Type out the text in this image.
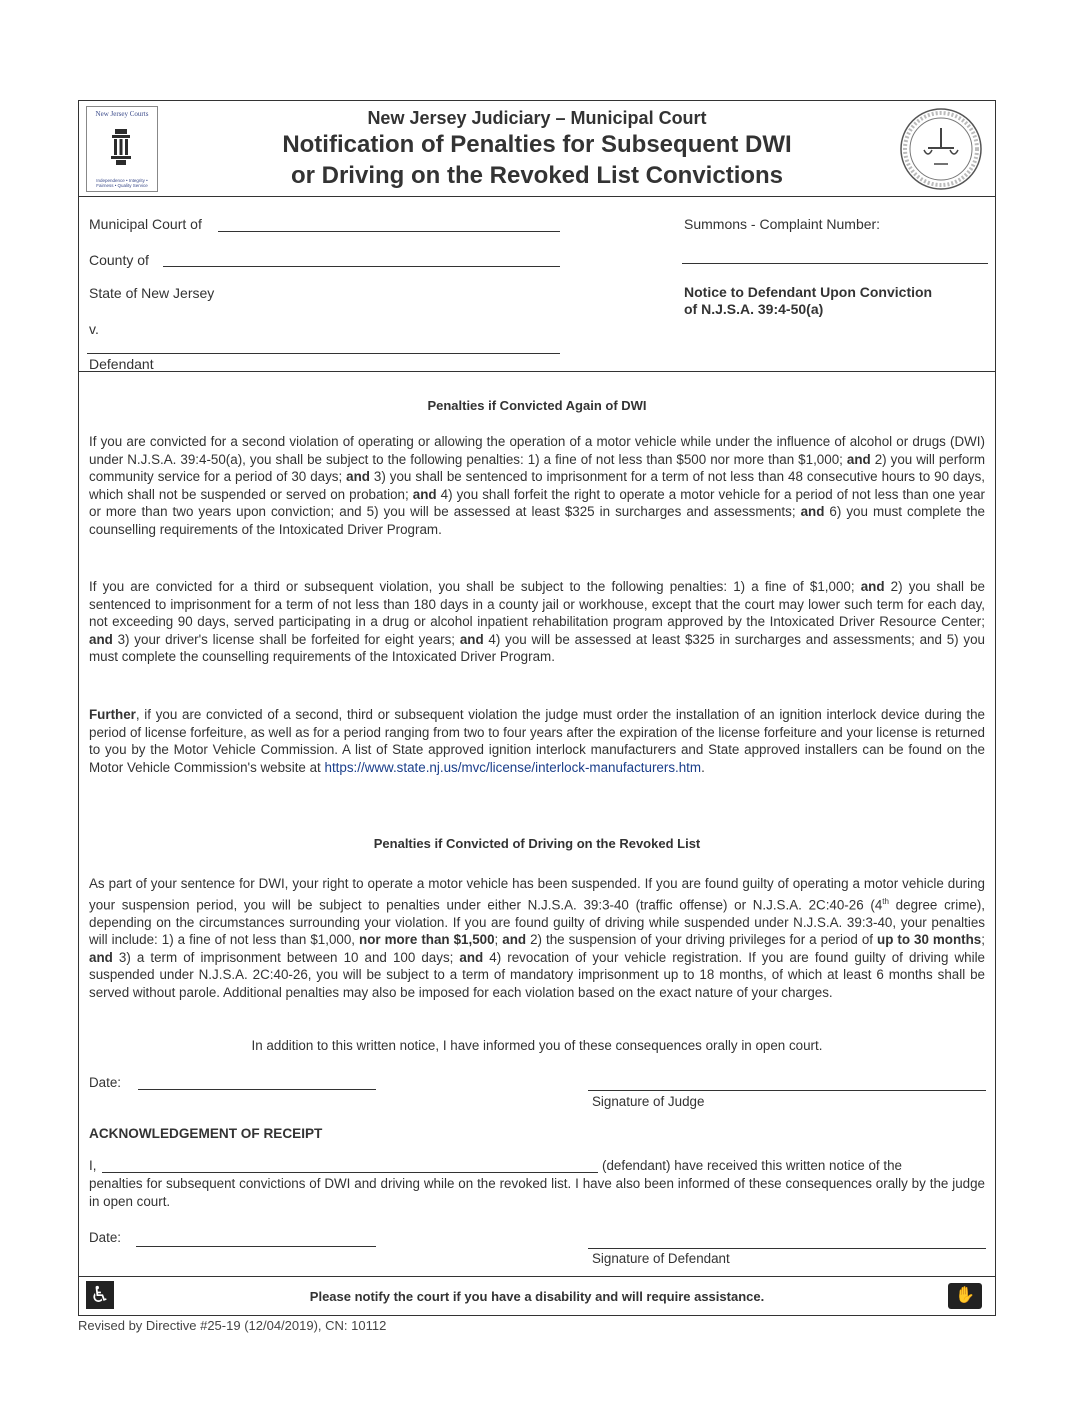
New Jersey Courts
Independence • Integrity • Fairness • Quality Service
New Jersey Judiciary – Municipal Court
Notification of Penalties for Subsequent DWI
or Driving on the Revoked List Convictions
Municipal Court of
County of
State of New Jersey
v.
Defendant
Summons - Complaint Number:
Notice to Defendant Upon Conviction
of N.J.S.A. 39:4-50(a)
Penalties if Convicted Again of DWI
If you are convicted for a second violation of operating or allowing the operation of a motor vehicle while under the influence of alcohol or drugs (DWI) under N.J.S.A. 39:4-50(a), you shall be subject to the following penalties: 1) a fine of not less than $500 nor more than $1,000; and 2) you will perform community service for a period of 30 days; and 3) you shall be sentenced to imprisonment for a term of not less than 48 consecutive hours to 90 days, which shall not be suspended or served on probation; and 4) you shall forfeit the right to operate a motor vehicle for a period of not less than one year or more than two years upon conviction; and 5) you will be assessed at least $325 in surcharges and assessments; and 6) you must complete the counselling requirements of the Intoxicated Driver Program.
If you are convicted for a third or subsequent violation, you shall be subject to the following penalties: 1) a fine of $1,000; and 2) you shall be sentenced to imprisonment for a term of not less than 180 days in a county jail or workhouse, except that the court may lower such term for each day, not exceeding 90 days, served participating in a drug or alcohol inpatient rehabilitation program approved by the Intoxicated Driver Resource Center; and 3) your driver's license shall be forfeited for eight years; and 4) you will be assessed at least $325 in surcharges and assessments; and 5) you must complete the counselling requirements of the Intoxicated Driver Program.
Further, if you are convicted of a second, third or subsequent violation the judge must order the installation of an ignition interlock device during the period of license forfeiture, as well as for a period ranging from two to four years after the expiration of the license forfeiture and your license is returned to you by the Motor Vehicle Commission. A list of State approved ignition interlock manufacturers and State approved installers can be found on the Motor Vehicle Commission's website at https://www.state.nj.us/mvc/license/interlock-manufacturers.htm.
Penalties if Convicted of Driving on the Revoked List
As part of your sentence for DWI, your right to operate a motor vehicle has been suspended. If you are found guilty of operating a motor vehicle during your suspension period, you will be subject to penalties under either N.J.S.A. 39:3-40 (traffic offense) or N.J.S.A. 2C:40-26 (4th degree crime), depending on the circumstances surrounding your violation. If you are found guilty of driving while suspended under N.J.S.A. 39:3-40, your penalties will include: 1) a fine of not less than $1,000, nor more than $1,500; and 2) the suspension of your driving privileges for a period of up to 30 months; and 3) a term of imprisonment between 10 and 100 days; and 4) revocation of your vehicle registration. If you are found guilty of driving while suspended under N.J.S.A. 2C:40-26, you will be subject to a term of mandatory imprisonment up to 18 months, of which at least 6 months shall be served without parole. Additional penalties may also be imposed for each violation based on the exact nature of your charges.
In addition to this written notice, I have informed you of these consequences orally in open court.
Date:
Signature of Judge
ACKNOWLEDGEMENT OF RECEIPT
I,	(defendant) have received this written notice of the
penalties for subsequent convictions of DWI and driving while on the revoked list. I have also been informed of these consequences orally by the judge in open court.
Date:
Signature of Defendant
♿	Please notify the court if you have a disability and will require assistance.	✋
Revised by Directive #25-19 (12/04/2019), CN: 10112
